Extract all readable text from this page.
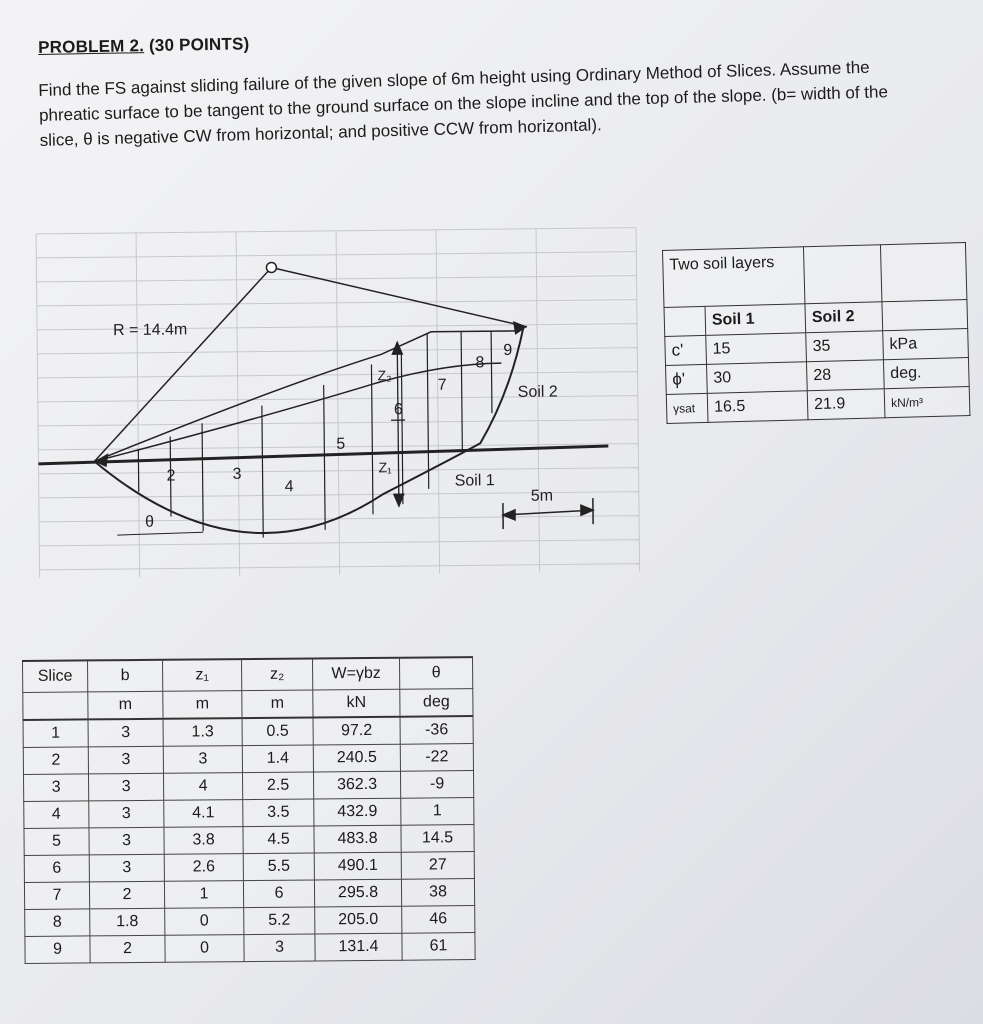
PROBLEM 2. (30 POINTS)
Find the FS against sliding failure of the given slope of 6m height using Ordinary Method of Slices. Assume the phreatic surface to be tangent to the ground surface on the slope incline and the top of the slope. (b= width of the slice, θ is negative CW from horizontal; and positive CCW from horizontal).
R = 14.4m
2	3
4
5
6
7
8
9
Z₂
Z₁
θ
Soil 2
Soil 1
5m
Two soil layers			
	Soil 1	Soil 2	
c'	15	35	kPa
ϕ'	30	28	deg.
γsat	16.5	21.9	kN/m³
Slice	b	z₁	z₂	W=γbz	θ
	m	m	m	kN	deg
1	3	1.3	0.5	97.2	-36
2	3	3	1.4	240.5	-22
3	3	4	2.5	362.3	-9
4	3	4.1	3.5	432.9	1
5	3	3.8	4.5	483.8	14.5
6	3	2.6	5.5	490.1	27
7	2	1	6	295.8	38
8	1.8	0	5.2	205.0	46
9	2	0	3	131.4	61
